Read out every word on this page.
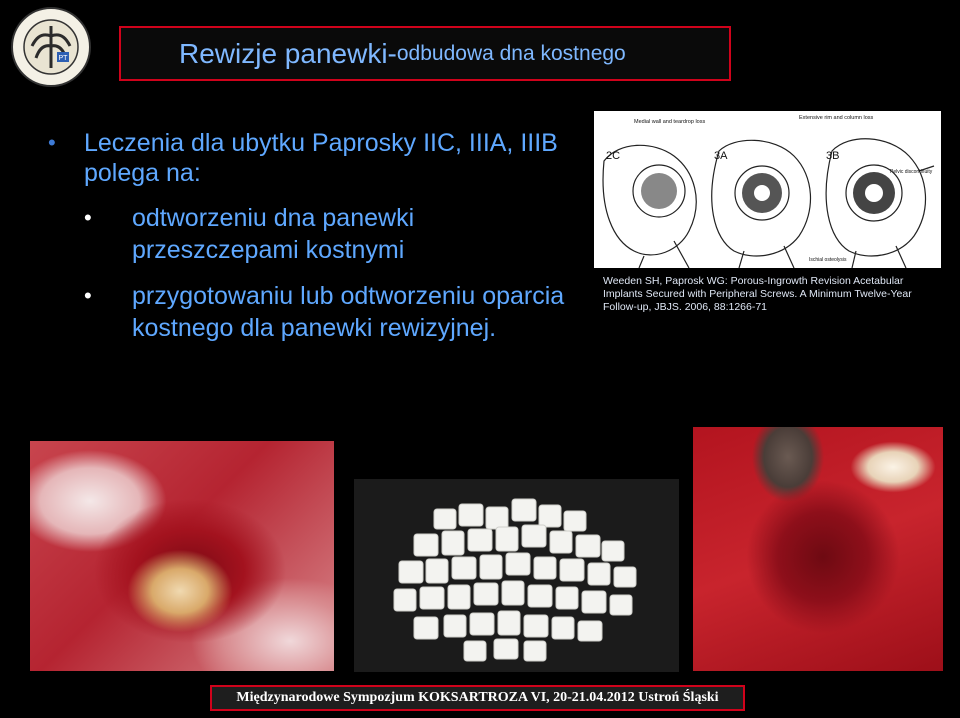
PT	Rewizje panewki- odbudowa dna kostnego
• Leczenia dla ubytku Paprosky IIC, IIIA, IIIB polega na:
• odtworzeniu dna panewki przeszczepami kostnymi
• przygotowaniu lub odtworzeniu oparcia kostnego dla panewki rewizyjnej.
2C	3A	3B
Medial wall and teardrop loss
Extensive rim and column loss
Pelvic discontinuity
Ischial osteolysis
Weeden SH, Paprosk WG: Porous-Ingrowth Revision Acetabular Implants Secured with Peripheral Screws. A Minimum Twelve-Year Follow-up, JBJS. 2006, 88:1266-71
Międzynarodowe Sympozjum KOKSARTROZA VI, 20-21.04.2012 Ustroń Śląski
